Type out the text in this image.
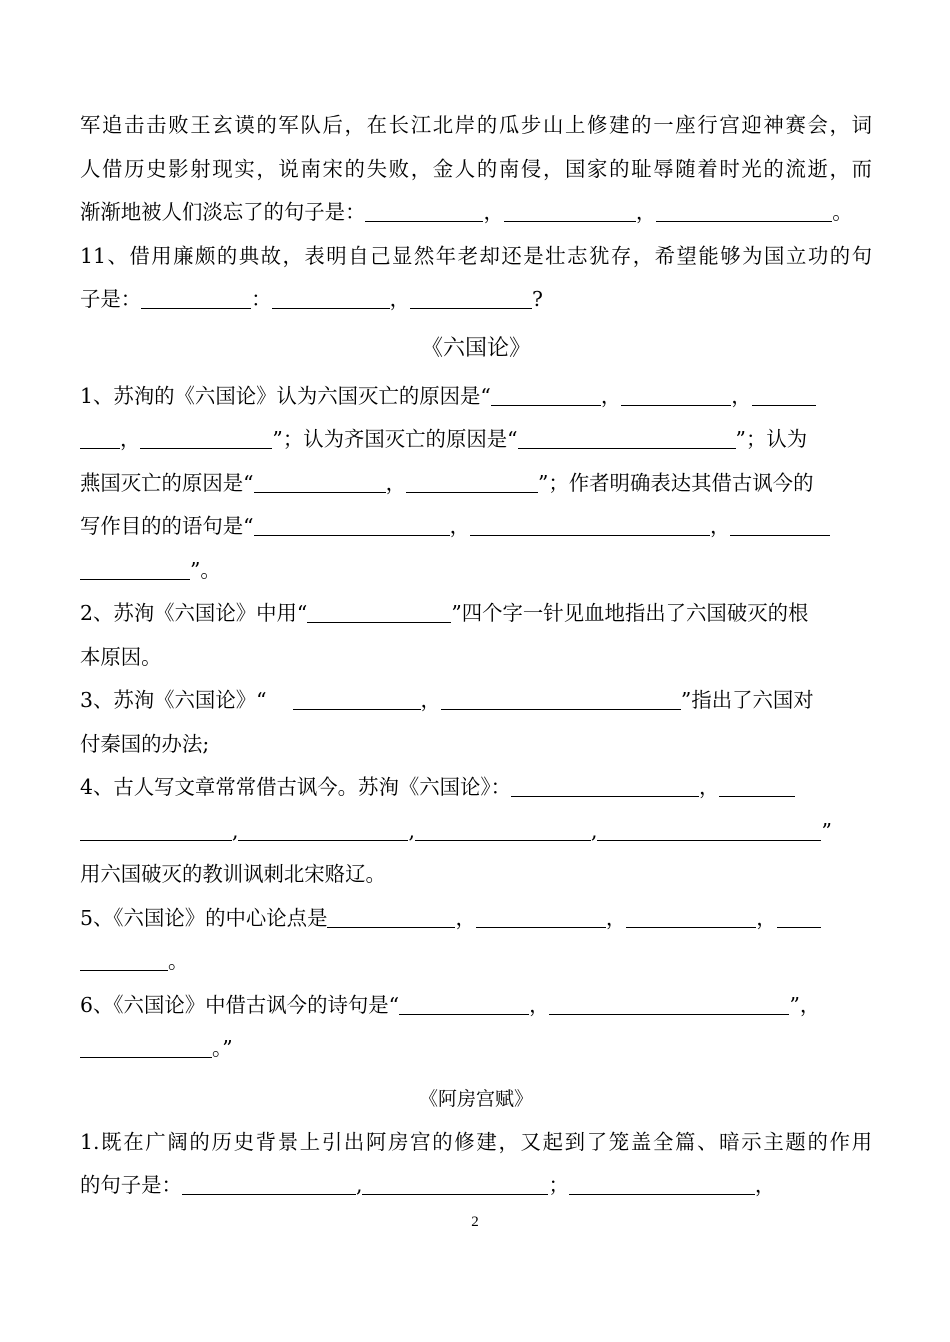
军追击击败王玄谟的军队后，在长江北岸的瓜步山上修建的一座行宫迎神赛会，词
人借历史影射现实，说南宋的失败，金人的南侵，国家的耻辱随着时光的流逝，而
渐渐地被人们淡忘了的句子是：	，	，	。
11、借用廉颇的典故，表明自己显然年老却还是壮志犹存，希望能够为国立功的句
子是：	：	，	?
《六国论》
1、苏洵的《六国论》认为六国灭亡的原因是“	，	，
，	”；认为齐国灭亡的原因是“	”；认为
燕国灭亡的原因是“	，	”；作者明确表达其借古讽今的
写作目的的语句是“	，	，
”。
2、苏洵《六国论》中用“	”四个字一针见血地指出了六国破灭的根
本原因。
3、苏洵《六国论》“	，	”指出了六国对
付秦国的办法;
4、古人写文章常常借古讽今。苏洵《六国论》：	，
,	,	,	”
用六国破灭的教训讽刺北宋赂辽。
5、《六国论》的中心论点是	，	，	，
。
6、《六国论》中借古讽今的诗句是“	，	”，
。”
《阿房宫赋》
1.既在广阔的历史背景上引出阿房宫的修建，又起到了笼盖全篇、暗示主题的作用
的句子是：	,	；	，
2
